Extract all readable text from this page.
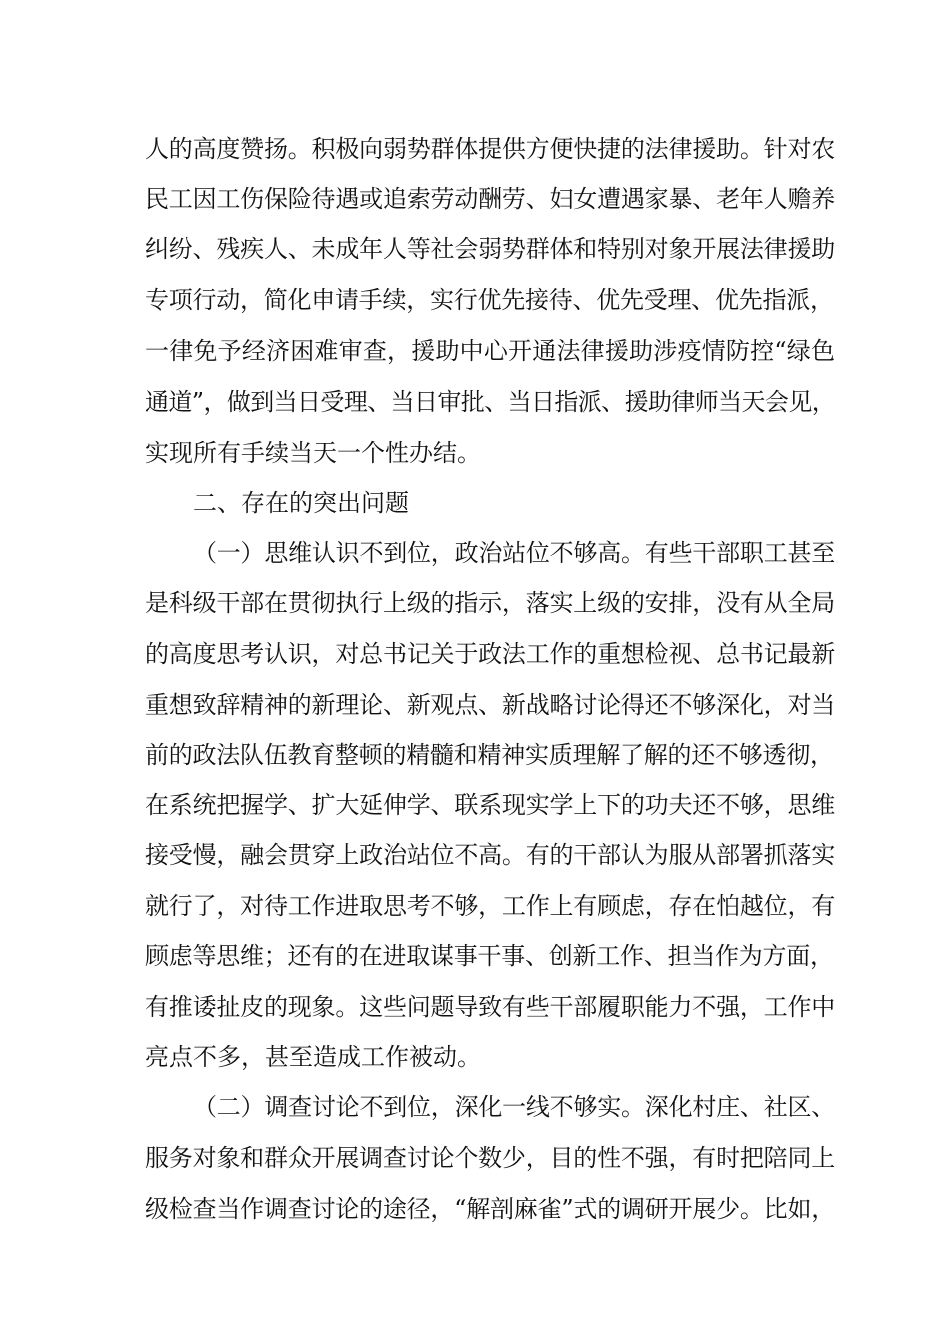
人的高度赞扬。积极向弱势群体提供方便快捷的法律援助。针对农
民工因工伤保险待遇或追索劳动酬劳、妇女遭遇家暴、老年人赡养
纠纷、残疾人、未成年人等社会弱势群体和特别对象开展法律援助
专项行动，简化申请手续，实行优先接待、优先受理、优先指派，
一律免予经济困难审查，援助中心开通法律援助涉疫情防控“绿色
通道”，做到当日受理、当日审批、当日指派、援助律师当天会见，
实现所有手续当天一个性办结。
二、存在的突出问题
（一）思维认识不到位，政治站位不够高。有些干部职工甚至
是科级干部在贯彻执行上级的指示，落实上级的安排，没有从全局
的高度思考认识，对总书记关于政法工作的重想检视、总书记最新
重想致辞精神的新理论、新观点、新战略讨论得还不够深化，对当
前的政法队伍教育整顿的精髓和精神实质理解了解的还不够透彻，
在系统把握学、扩大延伸学、联系现实学上下的功夫还不够，思维
接受慢，融会贯穿上政治站位不高。有的干部认为服从部署抓落实
就行了，对待工作进取思考不够，工作上有顾虑，存在怕越位，有
顾虑等思维；还有的在进取谋事干事、创新工作、担当作为方面，
有推诿扯皮的现象。这些问题导致有些干部履职能力不强，工作中
亮点不多，甚至造成工作被动。
（二）调查讨论不到位，深化一线不够实。深化村庄、社区、
服务对象和群众开展调查讨论个数少，目的性不强，有时把陪同上
级检查当作调查讨论的途径，“解剖麻雀”式的调研开展少。比如，
